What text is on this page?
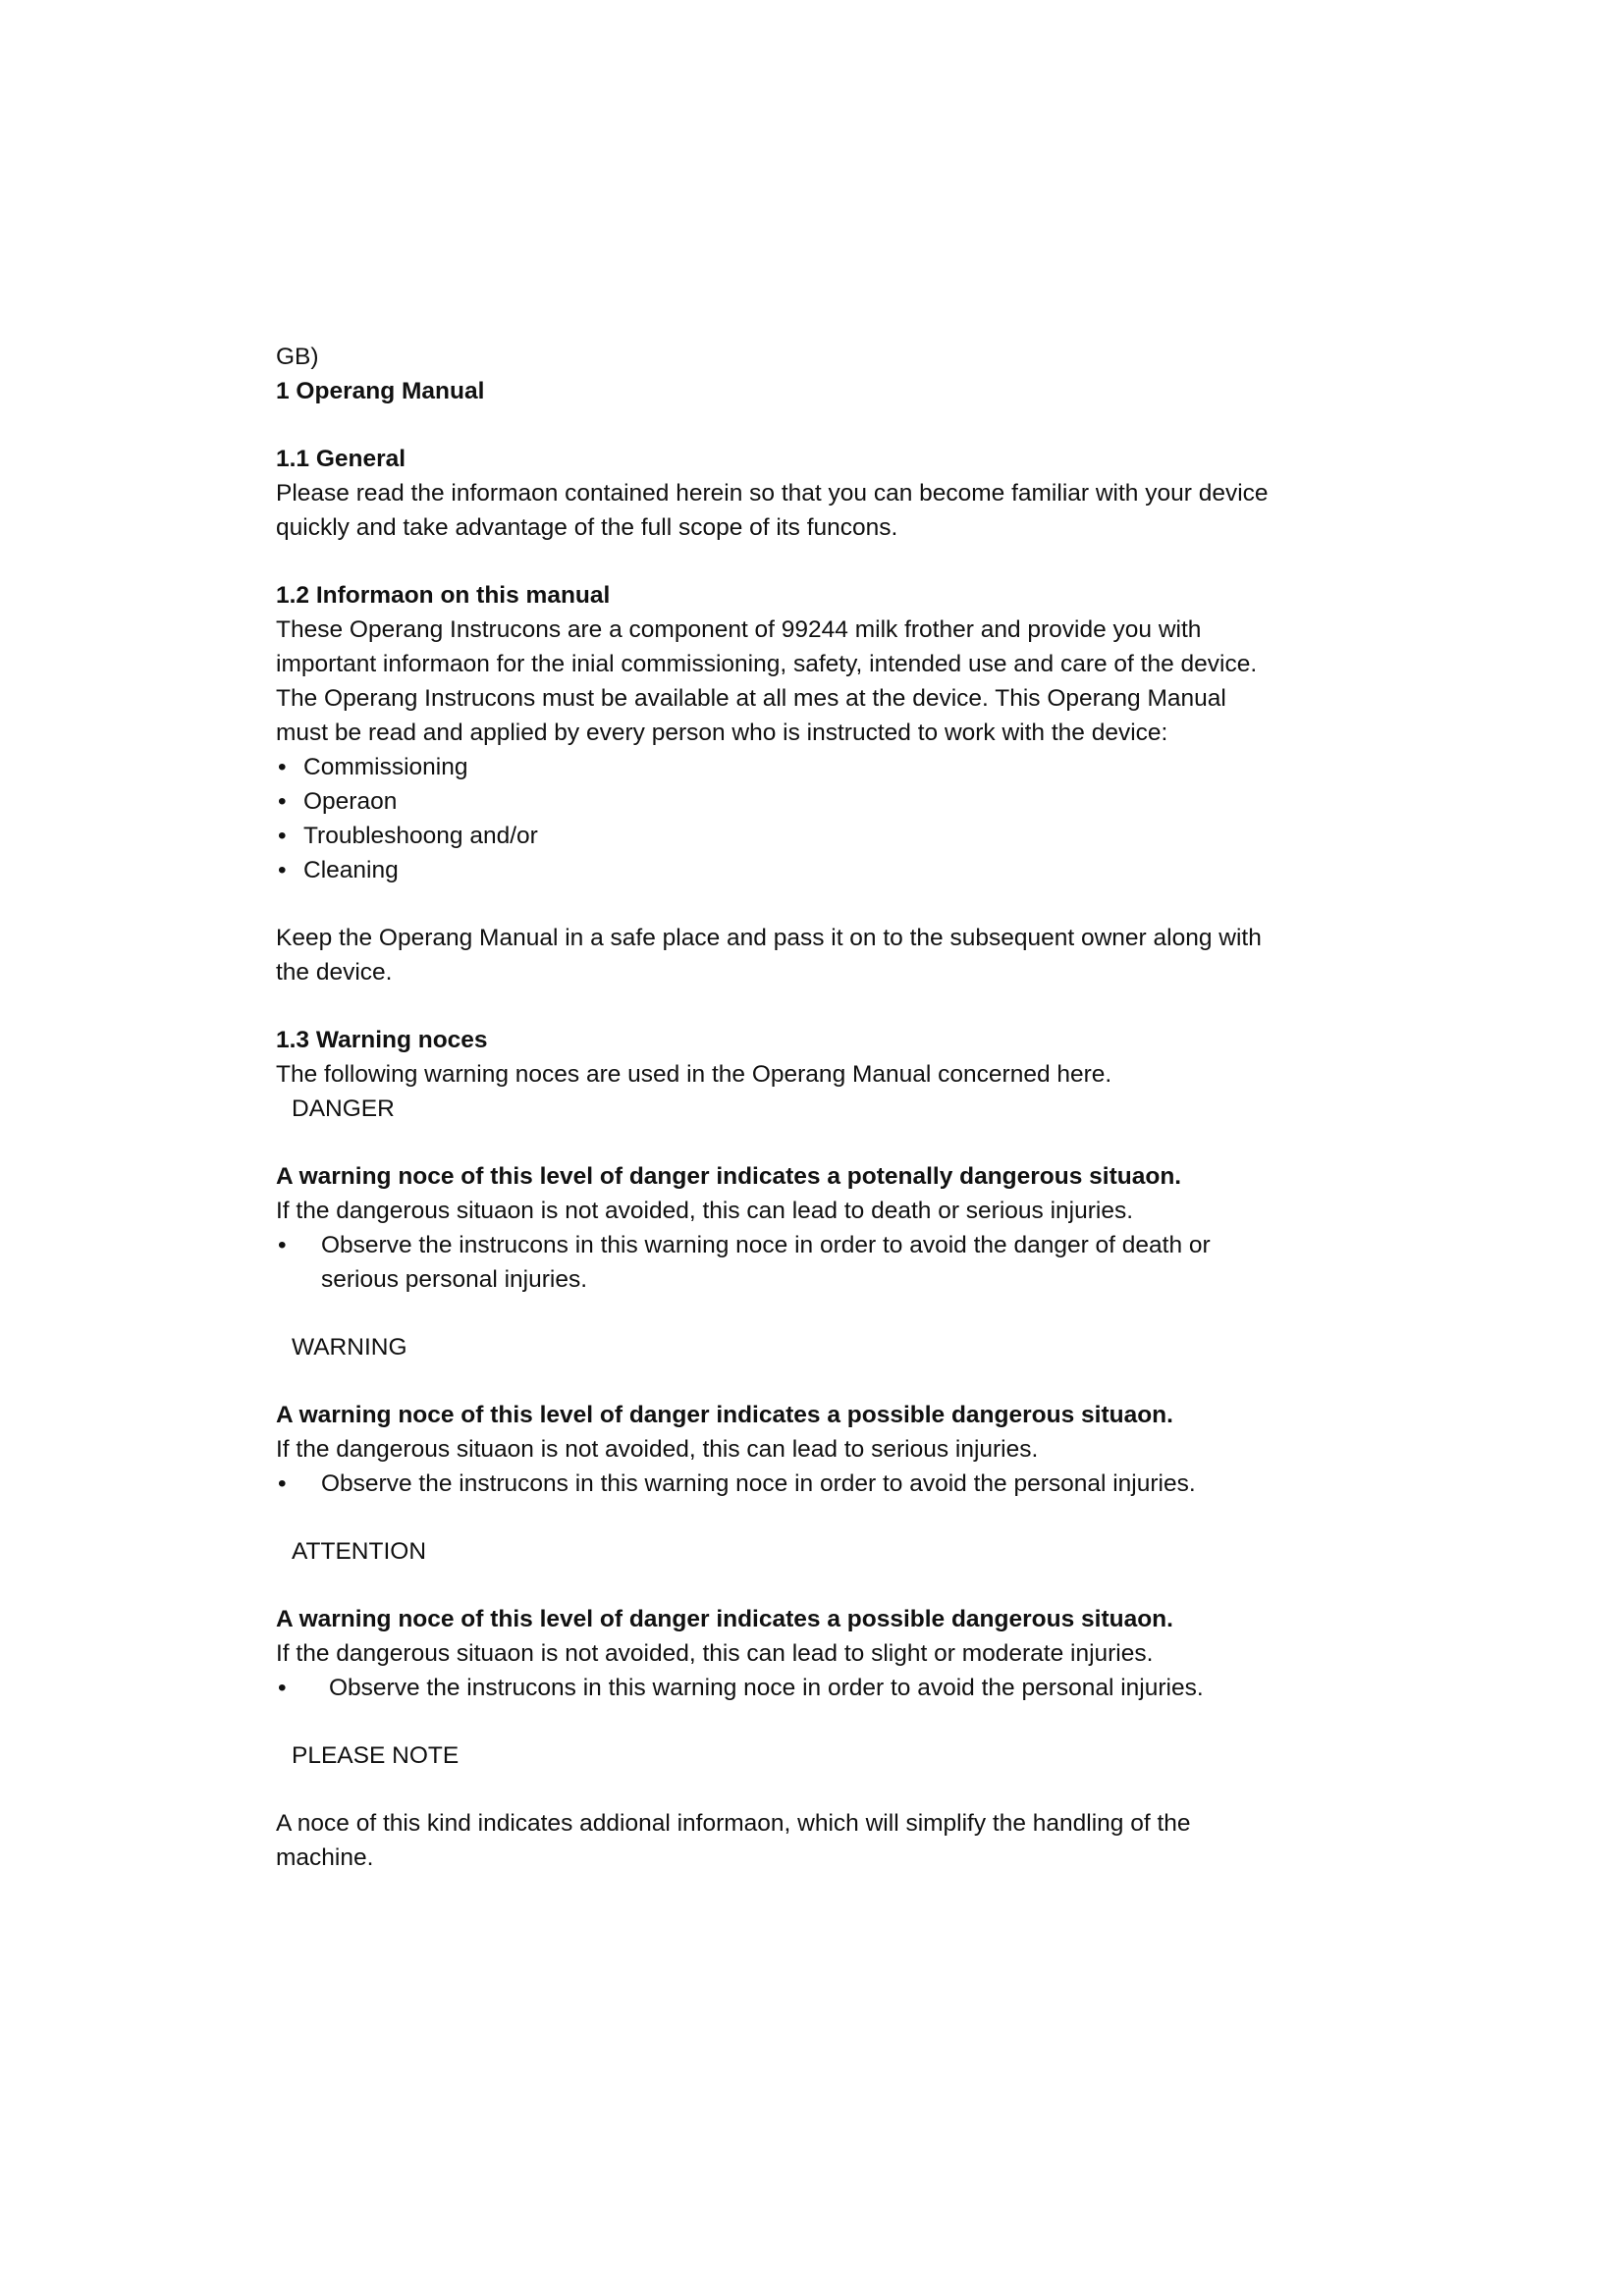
GB)

1 Operang Manual

1.1 General

Please read the informaon contained herein so that you can become familiar with your device

quickly and take advantage of the full scope of its funcons.

1.2 Informaon on this manual

These Operang Instrucons are a component of 99244 milk frother and provide you with

important informaon for the inial commissioning, safety, intended use and care of the device.

The Operang Instrucons must be available at all mes at the device. This Operang Manual

must be read and applied by every person who is instructed to work with the device:

• Commissioning
• Operaon
• Troubleshoong and/or
• Cleaning

Keep the Operang Manual in a safe place and pass it on to the subsequent owner along with

the device.

1.3 Warning noces

The following warning noces are used in the Operang Manual concerned here.

DANGER

A warning noce of this level of danger indicates a potenally dangerous situaon.

If the dangerous situaon is not avoided, this can lead to death or serious injuries.

• Observe the instrucons in this warning noce in order to avoid the danger of death or

serious personal injuries.

WARNING

A warning noce of this level of danger indicates a possible dangerous situaon.

If the dangerous situaon is not avoided, this can lead to serious injuries.

• Observe the instrucons in this warning noce in order to avoid the personal injuries.

ATTENTION

A warning noce of this level of danger indicates a possible dangerous situaon.

If the dangerous situaon is not avoided, this can lead to slight or moderate injuries.

• Observe the instrucons in this warning noce in order to avoid the personal injuries.

PLEASE NOTE

A noce of this kind indicates addional informaon, which will simplify the handling of the

machine.
